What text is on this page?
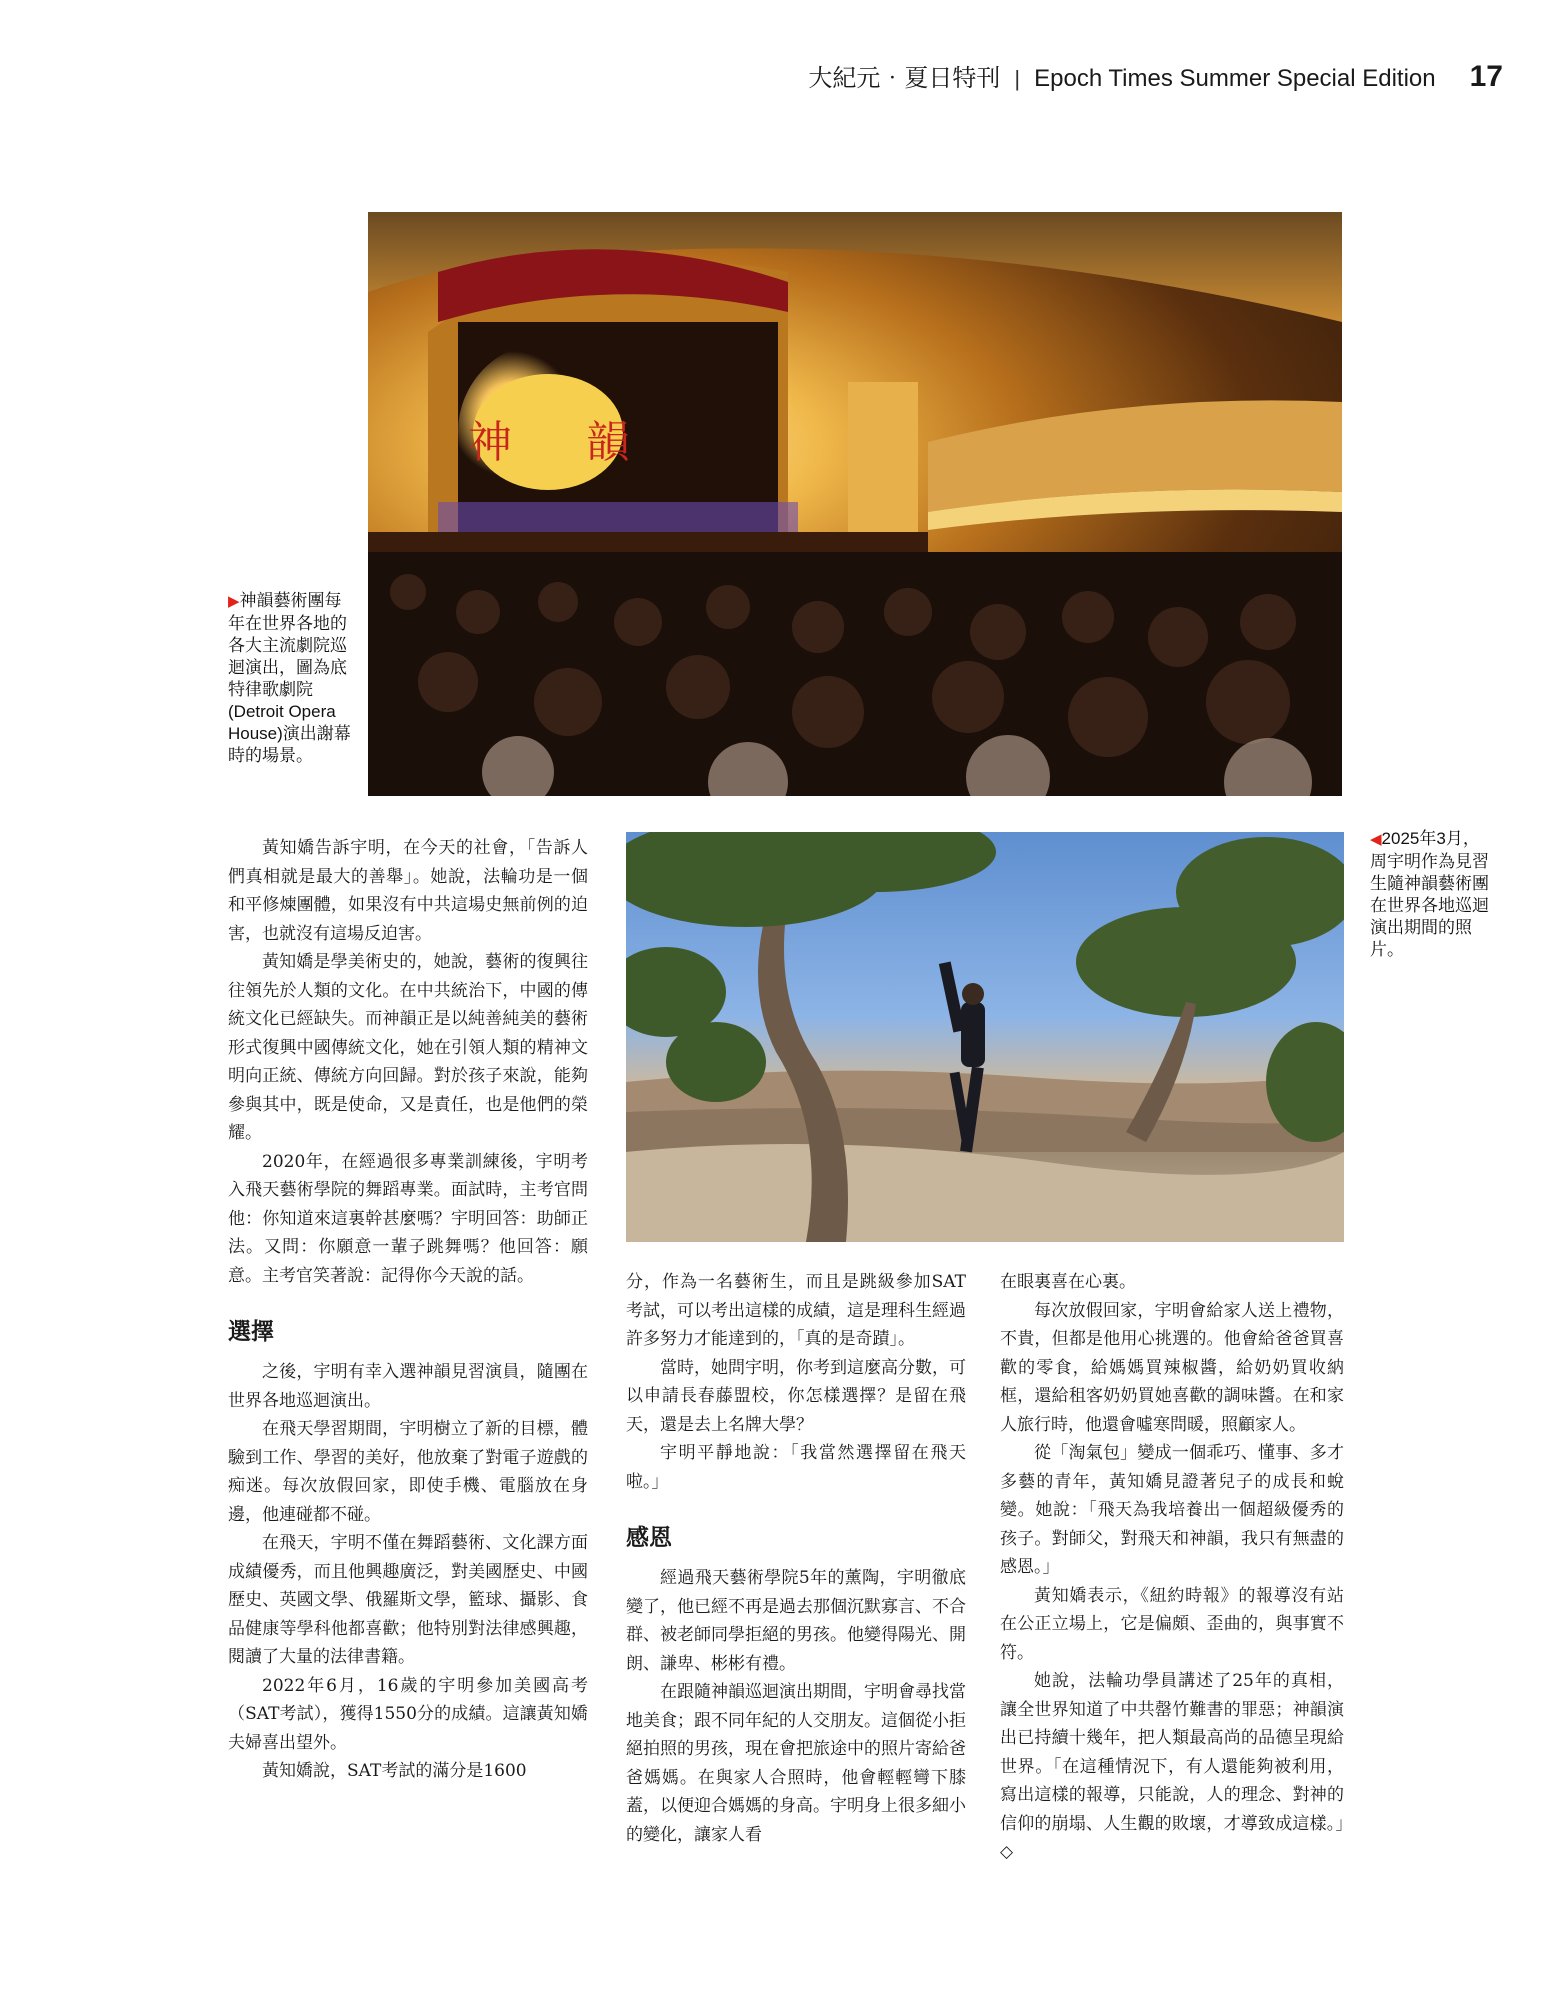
大紀元‧夏日特刊 | Epoch Times Summer Special Edition 17
神 韻
▶神韻藝術團每年在世界各地的各大主流劇院巡迴演出，圖為底特律歌劇院(Detroit Opera House)演出謝幕時的場景。
◀2025年3月，周宇明作為見習生隨神韻藝術團在世界各地巡迴演出期間的照片。

黃知嬌告訴宇明，在今天的社會，「告訴人們真相就是最大的善舉」。她說，法輪功是一個和平修煉團體，如果沒有中共這場史無前例的迫害，也就沒有這場反迫害。

黃知嬌是學美術史的，她說，藝術的復興往往領先於人類的文化。在中共統治下，中國的傳統文化已經缺失。而神韻正是以純善純美的藝術形式復興中國傳統文化，她在引領人類的精神文明向正統、傳統方向回歸。對於孩子來說，能夠參與其中，既是使命，又是責任，也是他們的榮耀。

2020年，在經過很多專業訓練後，宇明考入飛天藝術學院的舞蹈專業。面試時，主考官問他：你知道來這裏幹甚麼嗎？宇明回答：助師正法。又問：你願意一輩子跳舞嗎？他回答：願意。主考官笑著說：記得你今天說的話。

選擇

之後，宇明有幸入選神韻見習演員，隨團在世界各地巡迴演出。

在飛天學習期間，宇明樹立了新的目標，體驗到工作、學習的美好，他放棄了對電子遊戲的痴迷。每次放假回家，即使手機、電腦放在身邊，他連碰都不碰。

在飛天，宇明不僅在舞蹈藝術、文化課方面成績優秀，而且他興趣廣泛，對美國歷史、中國歷史、英國文學、俄羅斯文學，籃球、攝影、食品健康等學科他都喜歡；他特別對法律感興趣，閱讀了大量的法律書籍。

2022年6月，16歲的宇明參加美國高考（SAT考試），獲得1550分的成績。這讓黃知嬌夫婦喜出望外。

黃知嬌說，SAT考試的滿分是1600

分，作為一名藝術生，而且是跳級參加SAT考試，可以考出這樣的成績，這是理科生經過許多努力才能達到的，「真的是奇蹟」。

當時，她問宇明，你考到這麼高分數，可以申請長春藤盟校，你怎樣選擇？是留在飛天，還是去上名牌大學？

宇明平靜地說：「我當然選擇留在飛天啦。」

感恩

經過飛天藝術學院5年的薰陶，宇明徹底變了，他已經不再是過去那個沉默寡言、不合群、被老師同學拒絕的男孩。他變得陽光、開朗、謙卑、彬彬有禮。

在跟隨神韻巡迴演出期間，宇明會尋找當地美食；跟不同年紀的人交朋友。這個從小拒絕拍照的男孩，現在會把旅途中的照片寄給爸爸媽媽。在與家人合照時，他會輕輕彎下膝蓋，以便迎合媽媽的身高。宇明身上很多細小的變化，讓家人看

在眼裏喜在心裏。

每次放假回家，宇明會給家人送上禮物，不貴，但都是他用心挑選的。他會給爸爸買喜歡的零食，給媽媽買辣椒醬，給奶奶買收納框，還給租客奶奶買她喜歡的調味醬。在和家人旅行時，他還會噓寒問暖，照顧家人。

從「淘氣包」變成一個乖巧、懂事、多才多藝的青年，黃知嬌見證著兒子的成長和蛻變。她說：「飛天為我培養出一個超級優秀的孩子。對師父，對飛天和神韻，我只有無盡的感恩。」

黃知嬌表示，《紐約時報》的報導沒有站在公正立場上，它是偏頗、歪曲的，與事實不符。

她說，法輪功學員講述了25年的真相，讓全世界知道了中共罄竹難書的罪惡；神韻演出已持續十幾年，把人類最高尚的品德呈現給世界。「在這種情況下，有人還能夠被利用，寫出這樣的報導，只能說，人的理念、對神的信仰的崩塌、人生觀的敗壞，才導致成這樣。」◇
